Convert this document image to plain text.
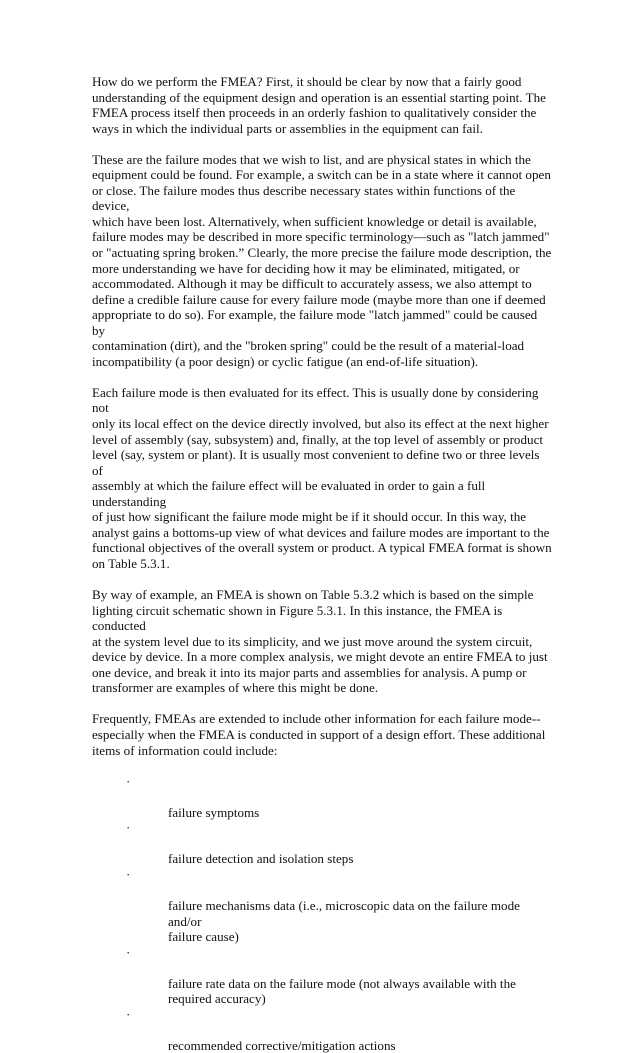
How do we perform the FMEA? First, it should be clear by now that a fairly good
understanding of the equipment design and operation is an essential starting point. The
FMEA process itself then proceeds in an orderly fashion to qualitatively consider the
ways in which the individual parts or assemblies in the equipment can fail.

These are the failure modes that we wish to list, and are physical states in which the
equipment could be found. For example, a switch can be in a state where it cannot open
or close. The failure modes thus describe necessary states within functions of the device,
which have been lost. Alternatively, when sufficient knowledge or detail is available,
failure modes may be described in more specific terminology—such as "latch jammed"
or "actuating spring broken.” Clearly, the more precise the failure mode description, the
more understanding we have for deciding how it may be eliminated, mitigated, or
accommodated. Although it may be difficult to accurately assess, we also attempt to
define a credible failure cause for every failure mode (maybe more than one if deemed
appropriate to do so). For example, the failure mode "latch jammed" could be caused by
contamination (dirt), and the "broken spring" could be the result of a material-load
incompatibility (a poor design) or cyclic fatigue (an end-of-life situation).

Each failure mode is then evaluated for its effect. This is usually done by considering not
only its local effect on the device directly involved, but also its effect at the next higher
level of assembly (say, subsystem) and, finally, at the top level of assembly or product
level (say, system or plant). It is usually most convenient to define two or three levels of
assembly at which the failure effect will be evaluated in order to gain a full understanding
of just how significant the failure mode might be if it should occur. In this way, the
analyst gains a bottoms-up view of what devices and failure modes are important to the
functional objectives of the overall system or product. A typical FMEA format is shown
on Table 5.3.1.

By way of example, an FMEA is shown on Table 5.3.2 which is based on the simple
lighting circuit schematic shown in Figure 5.3.1. In this instance, the FMEA is conducted
at the system level due to its simplicity, and we just move around the system circuit,
device by device. In a more complex analysis, we might devote an entire FMEA to just
one device, and break it into its major parts and assemblies for analysis. A pump or
transformer are examples of where this might be done.

Frequently, FMEAs are extended to include other information for each failure mode--
especially when the FMEA is conducted in support of a design effort. These additional
items of information could include:

·

failure symptoms

·

failure detection and isolation steps

·

failure mechanisms data (i.e., microscopic data on the failure mode and/or
failure cause)

·

failure rate data on the failure mode (not always available with the
required accuracy)

·

recommended corrective/mitigation actions
